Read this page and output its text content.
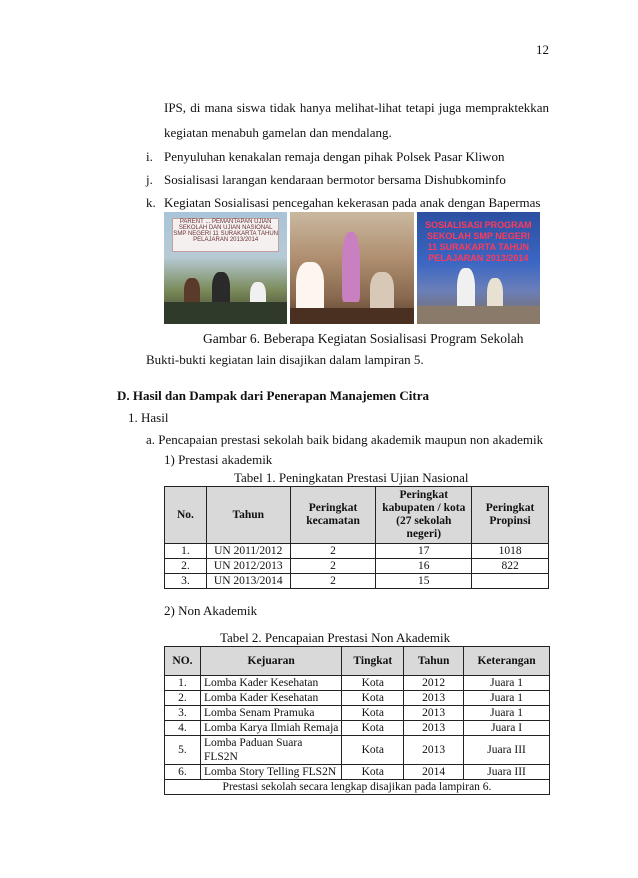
12
IPS, di mana siswa tidak hanya melihat-lihat tetapi juga mempraktekkan
kegiatan menabuh gamelan dan mendalang.
i. Penyuluhan kenakalan remaja dengan pihak Polsek Pasar Kliwon
j. Sosialisasi larangan kendaraan bermotor bersama Dishubkominfo
k. Kegiatan Sosialisasi pencegahan kekerasan pada anak dengan Bapermas
PARENT ... PEMANTAPAN UJIAN SEKOLAH DAN UJIAN NASIONAL SMP NEGERI 11 SURAKARTA TAHUN PELAJARAN 2013/2014
SOSIALISASI PROGRAM SEKOLAH SMP NEGERI 11 SURAKARTA TAHUN PELAJARAN 2013/2014
Gambar 6. Beberapa Kegiatan Sosialisasi Program Sekolah
Bukti-bukti kegiatan lain disajikan dalam lampiran 5.
D. Hasil dan Dampak dari Penerapan Manajemen Citra
1. Hasil
a. Pencapaian prestasi sekolah baik bidang akademik maupun non akademik
1) Prestasi akademik
Tabel 1. Peningkatan Prestasi Ujian Nasional
No.	Tahun	Peringkat kecamatan	Peringkat kabupaten / kota (27 sekolah negeri)	Peringkat Propinsi
1.	UN 2011/2012	2	17	1018
2.	UN 2012/2013	2	16	822
3.	UN 2013/2014	2	15	
2) Non Akademik
Tabel 2. Pencapaian Prestasi Non Akademik
NO.	Kejuaran	Tingkat	Tahun	Keterangan
1.	Lomba Kader Kesehatan	Kota	2012	Juara 1
2.	Lomba Kader Kesehatan	Kota	2013	Juara 1
3.	Lomba Senam Pramuka	Kota	2013	Juara 1
4.	Lomba Karya Ilmiah Remaja	Kota	2013	Juara I
5.	Lomba Paduan Suara FLS2N	Kota	2013	Juara III
6.	Lomba Story Telling FLS2N	Kota	2014	Juara III
Prestasi sekolah secara lengkap disajikan pada lampiran 6.				
